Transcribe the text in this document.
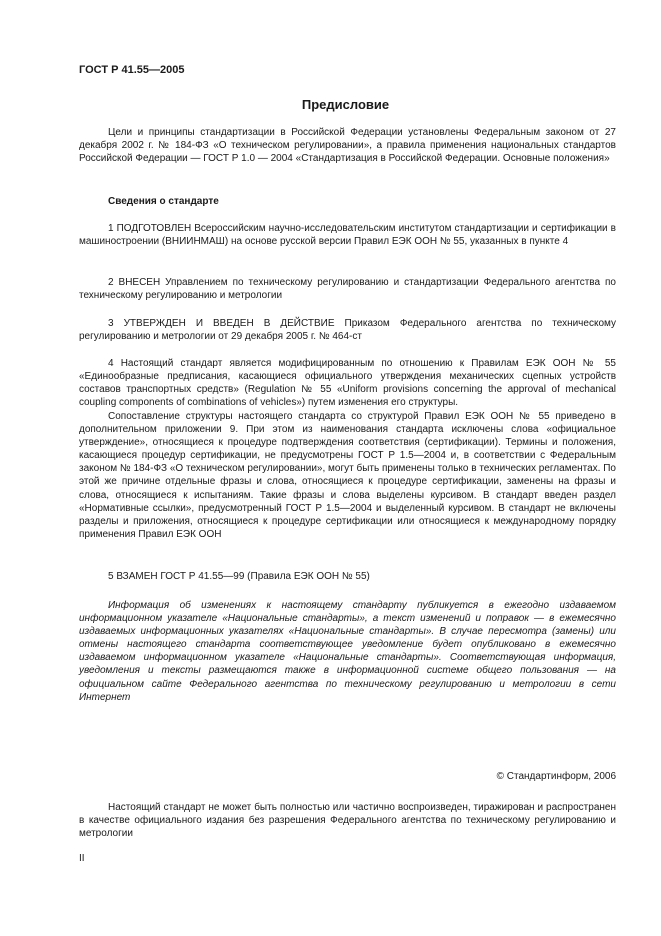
ГОСТ Р 41.55—2005
Предисловие

Цели и принципы стандартизации в Российской Федерации установлены Федеральным законом от 27 декабря 2002 г. № 184-ФЗ «О техническом регулировании», а правила применения национальных стандартов Российской Федерации — ГОСТ Р 1.0 — 2004 «Стандартизация в Российской Федерации. Основные положения»

Сведения о стандарте

1 ПОДГОТОВЛЕН Всероссийским научно-исследовательским институтом стандартизации и сертификации в машиностроении (ВНИИНМАШ) на основе русской версии Правил ЕЭК ООН № 55, указанных в пункте 4

2 ВНЕСЕН Управлением по техническому регулированию и стандартизации Федерального агентства по техническому регулированию и метрологии

3 УТВЕРЖДЕН И ВВЕДЕН В ДЕЙСТВИЕ Приказом Федерального агентства по техническому регулированию и метрологии от 29 декабря 2005 г. № 464-ст

4 Настоящий стандарт является модифицированным по отношению к Правилам ЕЭК ООН № 55 «Единообразные предписания, касающиеся официального утверждения механических сцепных устройств составов транспортных средств» (Regulation № 55 «Uniform provisions concerning the approval of mechanical coupling components of combinations of vehicles») путем изменения его структуры.

Сопоставление структуры настоящего стандарта со структурой Правил ЕЭК ООН № 55 приведено в дополнительном приложении 9. При этом из наименования стандарта исключены слова «официальное утверждение», относящиеся к процедуре подтверждения соответствия (сертификации). Термины и положения, касающиеся процедур сертификации, не предусмотрены ГОСТ Р 1.5—2004 и, в соответствии с Федеральным законом № 184-ФЗ «О техническом регулировании», могут быть применены только в технических регламентах. По этой же причине отдельные фразы и слова, относящиеся к процедуре сертификации, заменены на фразы и слова, относящиеся к испытаниям. Такие фразы и слова выделены курсивом. В стандарт введен раздел «Нормативные ссылки», предусмотренный ГОСТ Р 1.5—2004 и выделенный курсивом. В стандарт не включены разделы и приложения, относящиеся к процедуре сертификации или относящиеся к международному порядку применения Правил ЕЭК ООН

5 ВЗАМЕН ГОСТ Р 41.55—99 (Правила ЕЭК ООН № 55)

Информация об изменениях к настоящему стандарту публикуется в ежегодно издаваемом информационном указателе «Национальные стандарты», а текст изменений и поправок — в ежемесячно издаваемых информационных указателях «Национальные стандарты». В случае пересмотра (замены) или отмены настоящего стандарта соответствующее уведомление будет опубликовано в ежемесячно издаваемом информационном указателе «Национальные стандарты». Соответствующая информация, уведомления и тексты размещаются также в информационной системе общего пользования — на официальном сайте Федерального агентства по техническому регулированию и метрологии в сети Интернет

© Стандартинформ, 2006

Настоящий стандарт не может быть полностью или частично воспроизведен, тиражирован и распространен в качестве официального издания без разрешения Федерального агентства по техническому регулированию и метрологии

II
